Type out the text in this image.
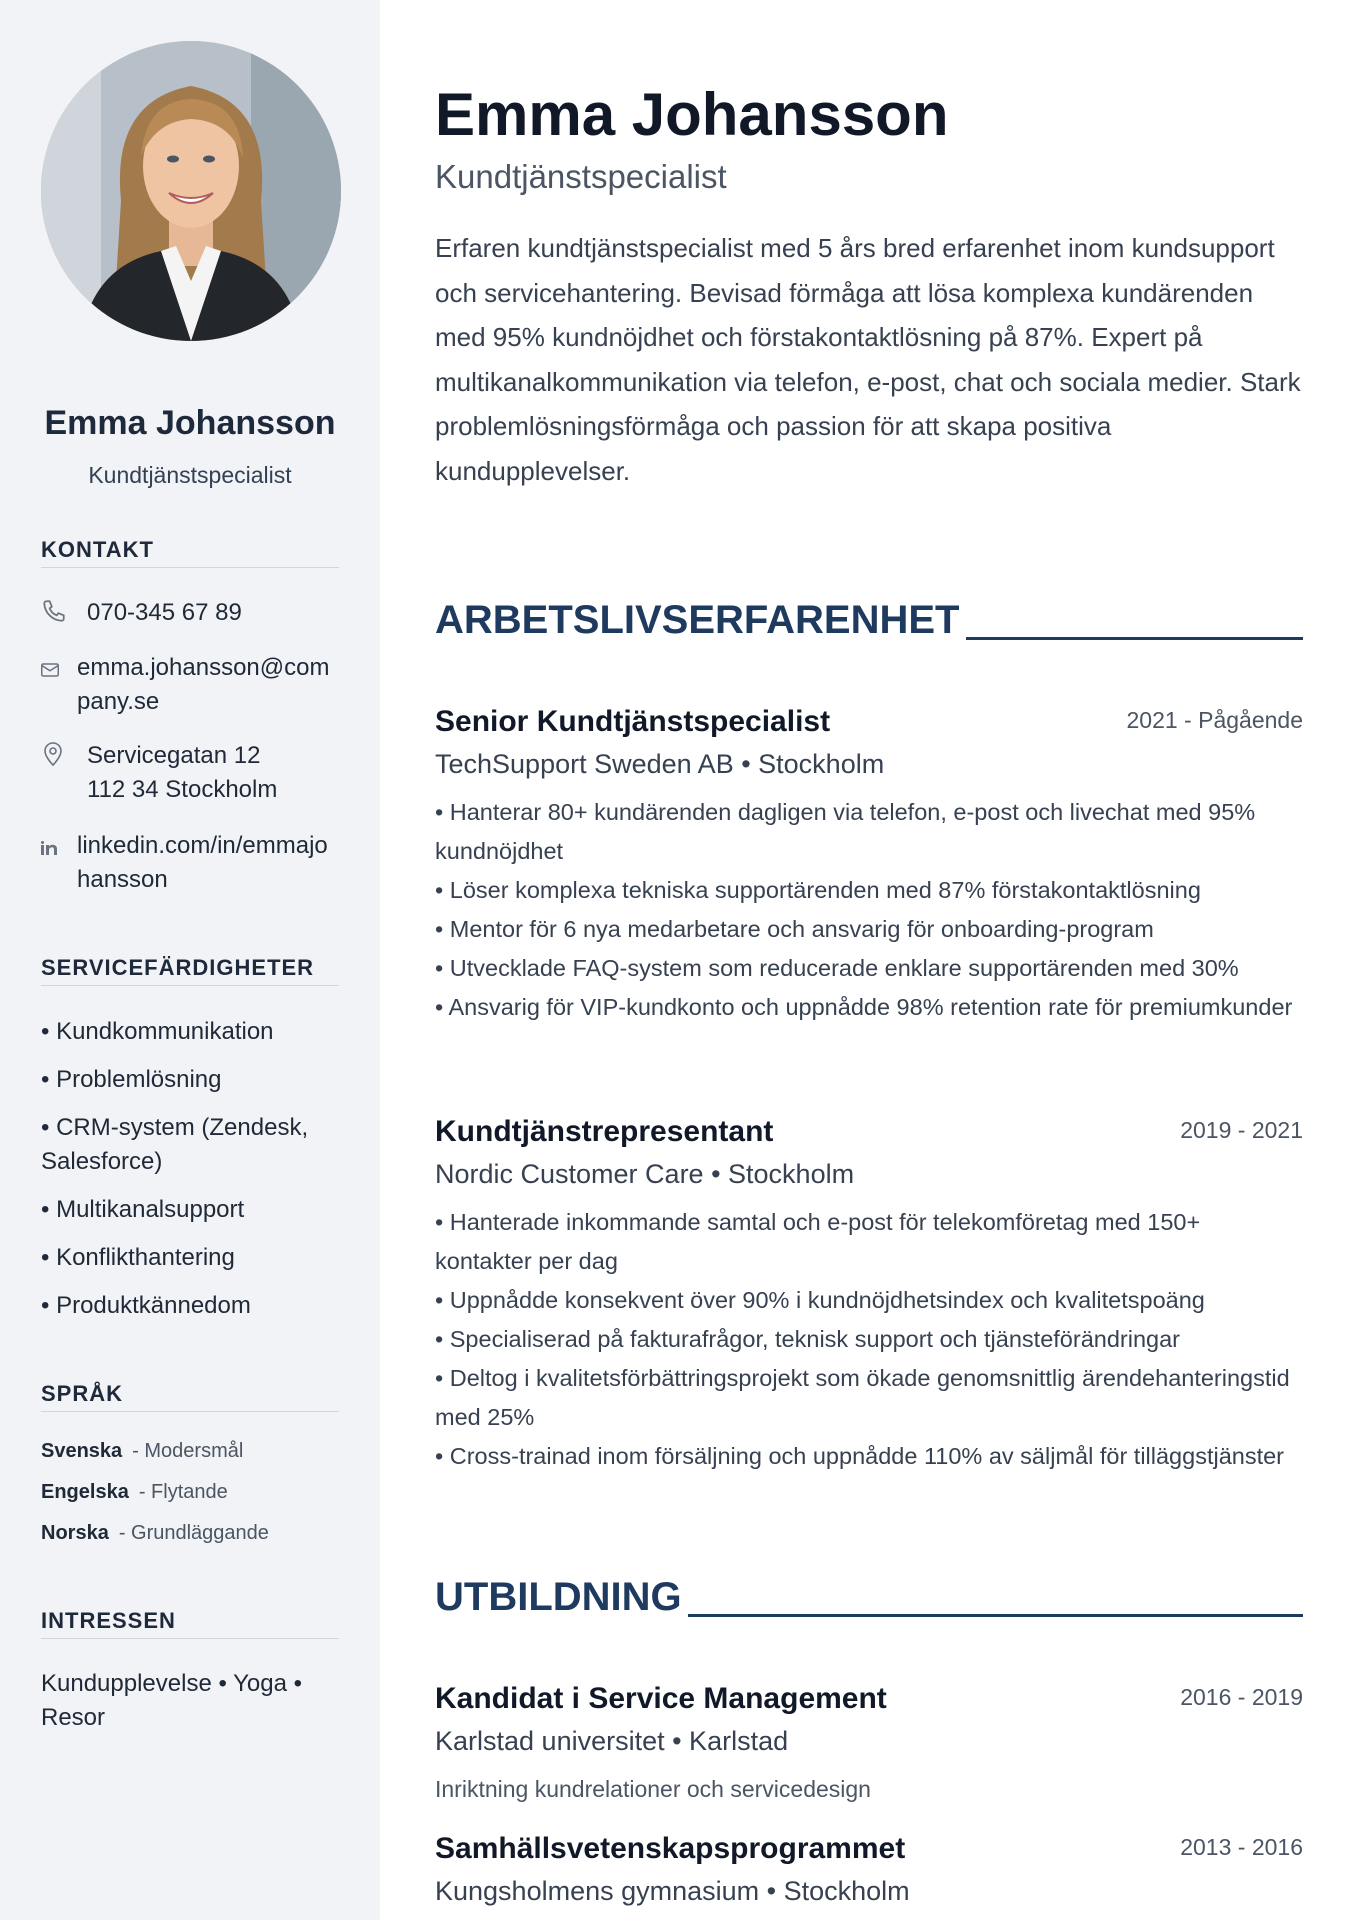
Emma Johansson
Kundtjänstspecialist
KONTAKT
070-345 67 89
emma.johansson@company.se
Servicegatan 12
112 34 Stockholm
linkedin.com/in/emmajohansson
SERVICEFÄRDIGHETER
• Kundkommunikation
• Problemlösning
• CRM-system (Zendesk, Salesforce)
• Multikanalsupport
• Konflikthantering
• Produktkännedom
SPRÅK
Svenska - Modersmål
Engelska - Flytande
Norska - Grundläggande
INTRESSEN
Kundupplevelse • Yoga • Resor
Emma Johansson
Kundtjänstspecialist

Erfaren kundtjänstspecialist med 5 års bred erfarenhet inom kundsupport och servicehantering. Bevisad förmåga att lösa komplexa kundärenden med 95% kundnöjdhet och förstakontaktlösning på 87%. Expert på multikanalkommunikation via telefon, e-post, chat och sociala medier. Stark problemlösningsförmåga och passion för att skapa positiva kundupplevelser.

ARBETSLIVSERFARENHET
Senior Kundtjänstspecialist	2021 - Pågående
TechSupport Sweden AB • Stockholm
• Hanterar 80+ kundärenden dagligen via telefon, e-post och livechat med 95% kundnöjdhet
• Löser komplexa tekniska supportärenden med 87% förstakontaktlösning
• Mentor för 6 nya medarbetare och ansvarig för onboarding-program
• Utvecklade FAQ-system som reducerade enklare supportärenden med 30%
• Ansvarig för VIP-kundkonto och uppnådde 98% retention rate för premiumkunder
Kundtjänstrepresentant	2019 - 2021
Nordic Customer Care • Stockholm
• Hanterade inkommande samtal och e-post för telekomföretag med 150+ kontakter per dag
• Uppnådde konsekvent över 90% i kundnöjdhetsindex och kvalitetspoäng
• Specialiserad på fakturafrågor, teknisk support och tjänsteförändringar
• Deltog i kvalitetsförbättringsprojekt som ökade genomsnittlig ärendehanteringstid med 25%
• Cross-trainad inom försäljning och uppnådde 110% av säljmål för tilläggstjänster
UTBILDNING
Kandidat i Service Management	2016 - 2019
Karlstad universitet • Karlstad
Inriktning kundrelationer och servicedesign
Samhällsvetenskapsprogrammet	2013 - 2016
Kungsholmens gymnasium • Stockholm
